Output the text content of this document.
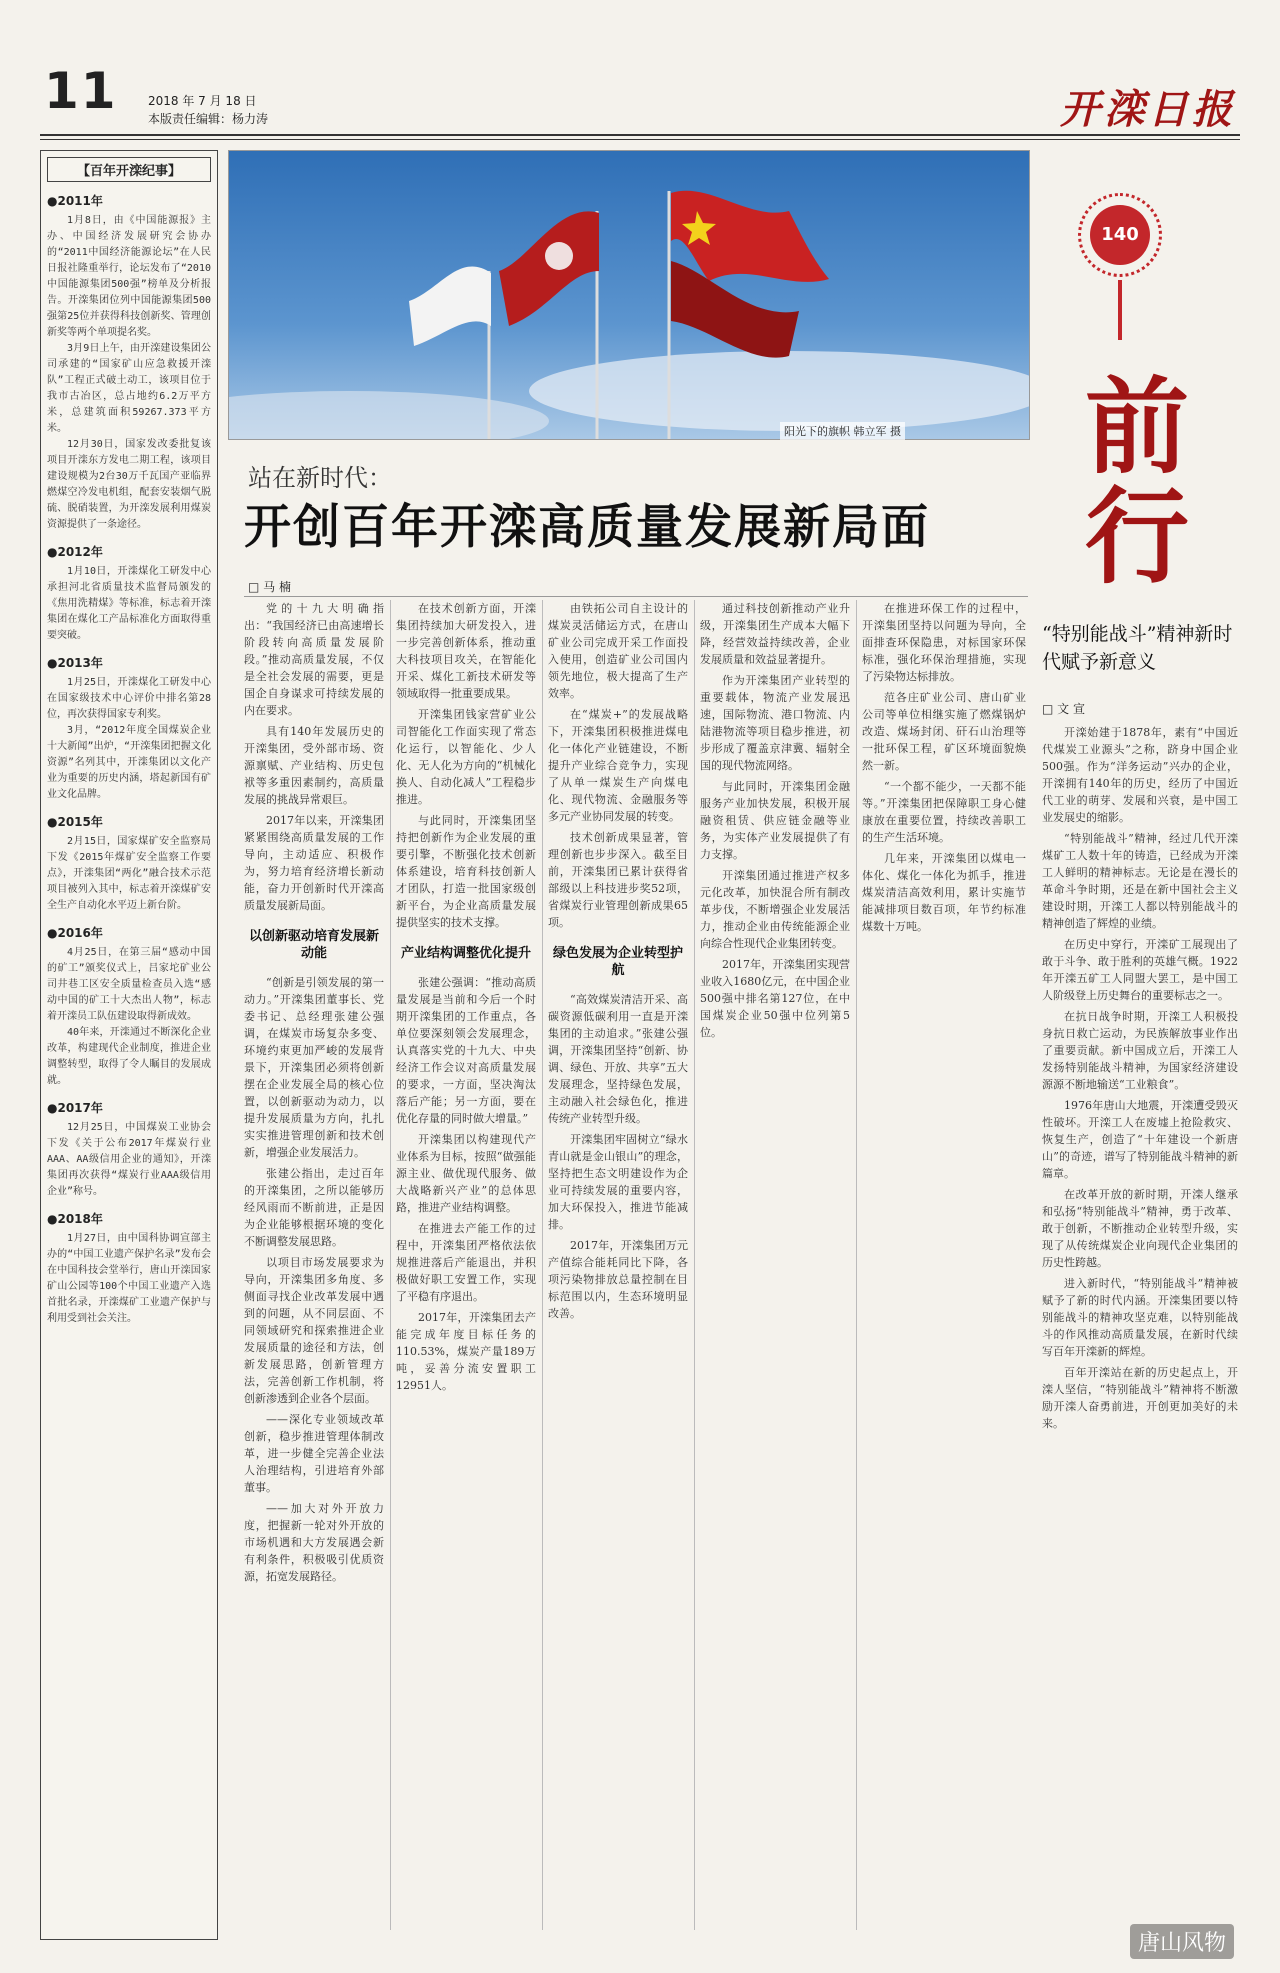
11	2018 年 7 月 18 日
本版责任编辑：杨力涛	开滦日报
【百年开滦纪事】
●2011年
1月8日，由《中国能源报》主办、中国经济发展研究会协办的“2011中国经济能源论坛”在人民日报社隆重举行，论坛发布了“2010中国能源集团500强”榜单及分析报告。开滦集团位列中国能源集团500强第25位并获得科技创新奖、管理创新奖等两个单项提名奖。
3月9日上午，由开滦建设集团公司承建的“国家矿山应急救援开滦队”工程正式破土动工，该项目位于我市古冶区，总占地约6.2万平方米，总建筑面积59267.373平方米。
12月30日，国家发改委批复该项目开滦东方发电二期工程，该项目建设规模为2台30万千瓦国产亚临界燃煤空冷发电机组，配套安装烟气脱硫、脱硝装置，为开滦发展利用煤炭资源提供了一条途径。
●2012年
1月10日，开滦煤化工研发中心承担河北省质量技术监督局颁发的《焦用洗精煤》等标准，标志着开滦集团在煤化工产品标准化方面取得重要突破。
●2013年
1月25日，开滦煤化工研发中心在国家级技术中心评价中排名第28位，再次获得国家专利奖。
3月，“2012年度全国煤炭企业十大新闻”出炉，“开滦集团把握文化资源”名列其中，开滦集团以文化产业为重要的历史内涵，塔起新国有矿业文化品牌。
●2015年
2月15日，国家煤矿安全监察局下发《2015年煤矿安全监察工作要点》，开滦集团“两化”融合技术示范项目被列入其中，标志着开滦煤矿安全生产自动化水平迈上新台阶。
●2016年
4月25日，在第三届“感动中国的矿工”颁奖仪式上，吕家坨矿业公司井巷工区安全质量检查员入选“感动中国的矿工十大杰出人物”，标志着开滦员工队伍建设取得新成效。
40年来，开滦通过不断深化企业改革，构建现代企业制度，推进企业调整转型，取得了令人瞩目的发展成就。
●2017年
12月25日，中国煤炭工业协会下发《关于公布2017年煤炭行业AAA、AA级信用企业的通知》，开滦集团再次获得“煤炭行业AAA级信用企业”称号。
●2018年
1月27日，由中国科协调宣部主办的“中国工业遗产保护名录”发布会在中国科技会堂举行，唐山开滦国家矿山公园等100个中国工业遗产入选首批名录，开滦煤矿工业遗产保护与利用受到社会关注。
阳光下的旗帜 韩立军 摄
站在新时代：
开创百年开滦高质量发展新局面
□ 马 楠

党的十九大明确指出：“我国经济已由高速增长阶段转向高质量发展阶段。”推动高质量发展，不仅是全社会发展的需要，更是国企自身谋求可持续发展的内在要求。

具有140年发展历史的开滦集团，受外部市场、资源禀赋、产业结构、历史包袱等多重因素制约，高质量发展的挑战异常艰巨。

2017年以来，开滦集团紧紧围绕高质量发展的工作导向，主动适应、积极作为，努力培育经济增长新动能，奋力开创新时代开滦高质量发展新局面。

以创新驱动培育发展新动能

“创新是引领发展的第一动力。”开滦集团董事长、党委书记、总经理张建公强调，在煤炭市场复杂多变、环境约束更加严峻的发展背景下，开滦集团必须将创新摆在企业发展全局的核心位置，以创新驱动为动力，以提升发展质量为方向，扎扎实实推进管理创新和技术创新，增强企业发展活力。

张建公指出，走过百年的开滦集团，之所以能够历经风雨而不断前进，正是因为企业能够根据环境的变化不断调整发展思路。

以项目市场发展要求为导向，开滦集团多角度、多侧面寻找企业改革发展中遇到的问题，从不同层面、不同领域研究和探索推进企业发展质量的途径和方法，创新发展思路，创新管理方法，完善创新工作机制，将创新渗透到企业各个层面。

——深化专业领域改革创新，稳步推进管理体制改革，进一步健全完善企业法人治理结构，引进培育外部董事。

——加大对外开放力度，把握新一轮对外开放的市场机遇和大方发展遇会新有利条件，积极吸引优质资源，拓宽发展路径。

在技术创新方面，开滦集团持续加大研发投入，进一步完善创新体系，推动重大科技项目攻关，在智能化开采、煤化工新技术研发等领域取得一批重要成果。

开滦集团钱家营矿业公司智能化工作面实现了常态化运行，以智能化、少人化、无人化为方向的“机械化换人、自动化减人”工程稳步推进。

与此同时，开滦集团坚持把创新作为企业发展的重要引擎，不断强化技术创新体系建设，培育科技创新人才团队，打造一批国家级创新平台，为企业高质量发展提供坚实的技术支撑。

产业结构调整优化提升

张建公强调：“推动高质量发展是当前和今后一个时期开滦集团的工作重点，各单位要深刻领会发展理念，认真落实党的十九大、中央经济工作会议对高质量发展的要求，一方面，坚决淘汰落后产能；另一方面，要在优化存量的同时做大增量。”

开滦集团以构建现代产业体系为目标，按照“做强能源主业、做优现代服务、做大战略新兴产业”的总体思路，推进产业结构调整。

在推进去产能工作的过程中，开滦集团严格依法依规推进落后产能退出，并积极做好职工安置工作，实现了平稳有序退出。

2017年，开滦集团去产能完成年度目标任务的110.53%，煤炭产量189万吨，妥善分流安置职工12951人。

由铁拓公司自主设计的煤炭灵活储运方式，在唐山矿业公司完成开采工作面投入使用，创造矿业公司国内领先地位，极大提高了生产效率。

在“煤炭+”的发展战略下，开滦集团积极推进煤电化一体化产业链建设，不断提升产业综合竞争力，实现了从单一煤炭生产向煤电化、现代物流、金融服务等多元产业协同发展的转变。

技术创新成果显著，管理创新也步步深入。截至目前，开滦集团已累计获得省部级以上科技进步奖52项，省煤炭行业管理创新成果65项。

绿色发展为企业转型护航

“高效煤炭清洁开采、高碳资源低碳利用一直是开滦集团的主动追求。”张建公强调，开滦集团坚持“创新、协调、绿色、开放、共享”五大发展理念，坚持绿色发展，主动融入社会绿色化，推进传统产业转型升级。

开滦集团牢固树立“绿水青山就是金山银山”的理念，坚持把生态文明建设作为企业可持续发展的重要内容，加大环保投入，推进节能减排。

2017年，开滦集团万元产值综合能耗同比下降，各项污染物排放总量控制在目标范围以内，生态环境明显改善。

通过科技创新推动产业升级，开滦集团生产成本大幅下降，经营效益持续改善，企业发展质量和效益显著提升。

作为开滦集团产业转型的重要载体，物流产业发展迅速，国际物流、港口物流、内陆港物流等项目稳步推进，初步形成了覆盖京津冀、辐射全国的现代物流网络。

与此同时，开滦集团金融服务产业加快发展，积极开展融资租赁、供应链金融等业务，为实体产业发展提供了有力支撑。

开滦集团通过推进产权多元化改革，加快混合所有制改革步伐，不断增强企业发展活力，推动企业由传统能源企业向综合性现代企业集团转变。

2017年，开滦集团实现营业收入1680亿元，在中国企业500强中排名第127位，在中国煤炭企业50强中位列第5位。

在推进环保工作的过程中，开滦集团坚持以问题为导向，全面排查环保隐患，对标国家环保标准，强化环保治理措施，实现了污染物达标排放。

范各庄矿业公司、唐山矿业公司等单位相继实施了燃煤锅炉改造、煤场封闭、矸石山治理等一批环保工程，矿区环境面貌焕然一新。

“一个都不能少，一天都不能等。”开滦集团把保障职工身心健康放在重要位置，持续改善职工的生产生活环境。

几年来，开滦集团以煤电一体化、煤化一体化为抓手，推进煤炭清洁高效利用，累计实施节能减排项目数百项，年节约标准煤数十万吨。

140
前
行
“特别能战斗”精神新时代赋予新意义
□ 文 宣

开滦始建于1878年，素有“中国近代煤炭工业源头”之称，跻身中国企业500强。作为“洋务运动”兴办的企业，开滦拥有140年的历史，经历了中国近代工业的萌芽、发展和兴衰，是中国工业发展史的缩影。

“特别能战斗”精神，经过几代开滦煤矿工人数十年的铸造，已经成为开滦工人鲜明的精神标志。无论是在漫长的革命斗争时期，还是在新中国社会主义建设时期，开滦工人都以特别能战斗的精神创造了辉煌的业绩。

在历史中穿行，开滦矿工展现出了敢于斗争、敢于胜利的英雄气概。1922年开滦五矿工人同盟大罢工，是中国工人阶级登上历史舞台的重要标志之一。

在抗日战争时期，开滦工人积极投身抗日救亡运动，为民族解放事业作出了重要贡献。新中国成立后，开滦工人发扬特别能战斗精神，为国家经济建设源源不断地输送“工业粮食”。

1976年唐山大地震，开滦遭受毁灭性破坏。开滦工人在废墟上抢险救灾、恢复生产，创造了“十年建设一个新唐山”的奇迹，谱写了特别能战斗精神的新篇章。

在改革开放的新时期，开滦人继承和弘扬“特别能战斗”精神，勇于改革、敢于创新，不断推动企业转型升级，实现了从传统煤炭企业向现代企业集团的历史性跨越。

进入新时代，“特别能战斗”精神被赋予了新的时代内涵。开滦集团要以特别能战斗的精神攻坚克难，以特别能战斗的作风推动高质量发展，在新时代续写百年开滦新的辉煌。

百年开滦站在新的历史起点上，开滦人坚信，“特别能战斗”精神将不断激励开滦人奋勇前进，开创更加美好的未来。

唐山风物
